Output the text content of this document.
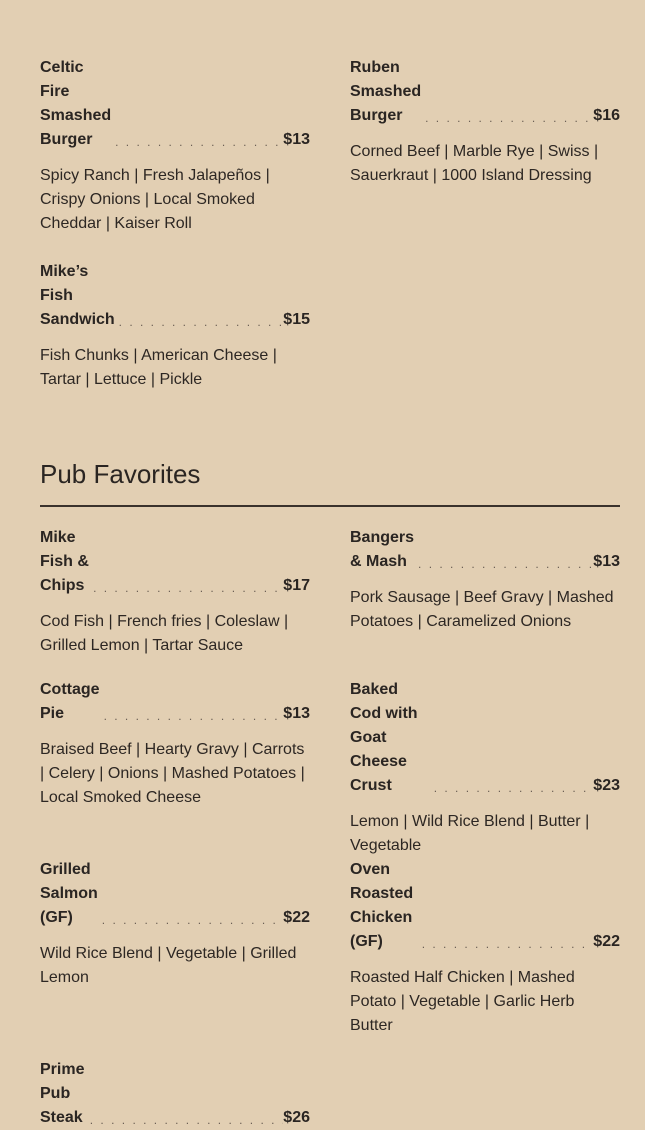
Celtic Fire Smashed Burger . . .	$13
Spicy Ranch | Fresh Jalapeños | Crispy Onions | Local Smoked Cheddar | Kaiser Roll
Ruben Smashed Burger . . .	$16
Corned Beef | Marble Rye | Swiss | Sauerkraut | 1000 Island Dressing
Mike’s Fish Sandwich . . .	$15
Fish Chunks | American Cheese | Tartar | Lettuce | Pickle
Pub Favorites
Mike Fish & Chips . . .	$17
Cod Fish | French fries | Coleslaw | Grilled Lemon | Tartar Sauce
Bangers & Mash . . .	$13
Pork Sausage | Beef Gravy | Mashed Potatoes | Caramelized Onions
Cottage Pie . . .	$13
Braised Beef | Hearty Gravy | Carrots | Celery | Onions | Mashed Potatoes | Local Smoked Cheese
Baked Cod with Goat Cheese Crust . . .	$23
Lemon | Wild Rice Blend | Butter | Vegetable
Grilled Salmon (GF) . . .	$22
Wild Rice Blend | Vegetable | Grilled Lemon
Oven Roasted Chicken (GF) . . .	$22
Roasted Half Chicken | Mashed Potato | Vegetable | Garlic Herb Butter
Prime Pub Steak . . .	$26
